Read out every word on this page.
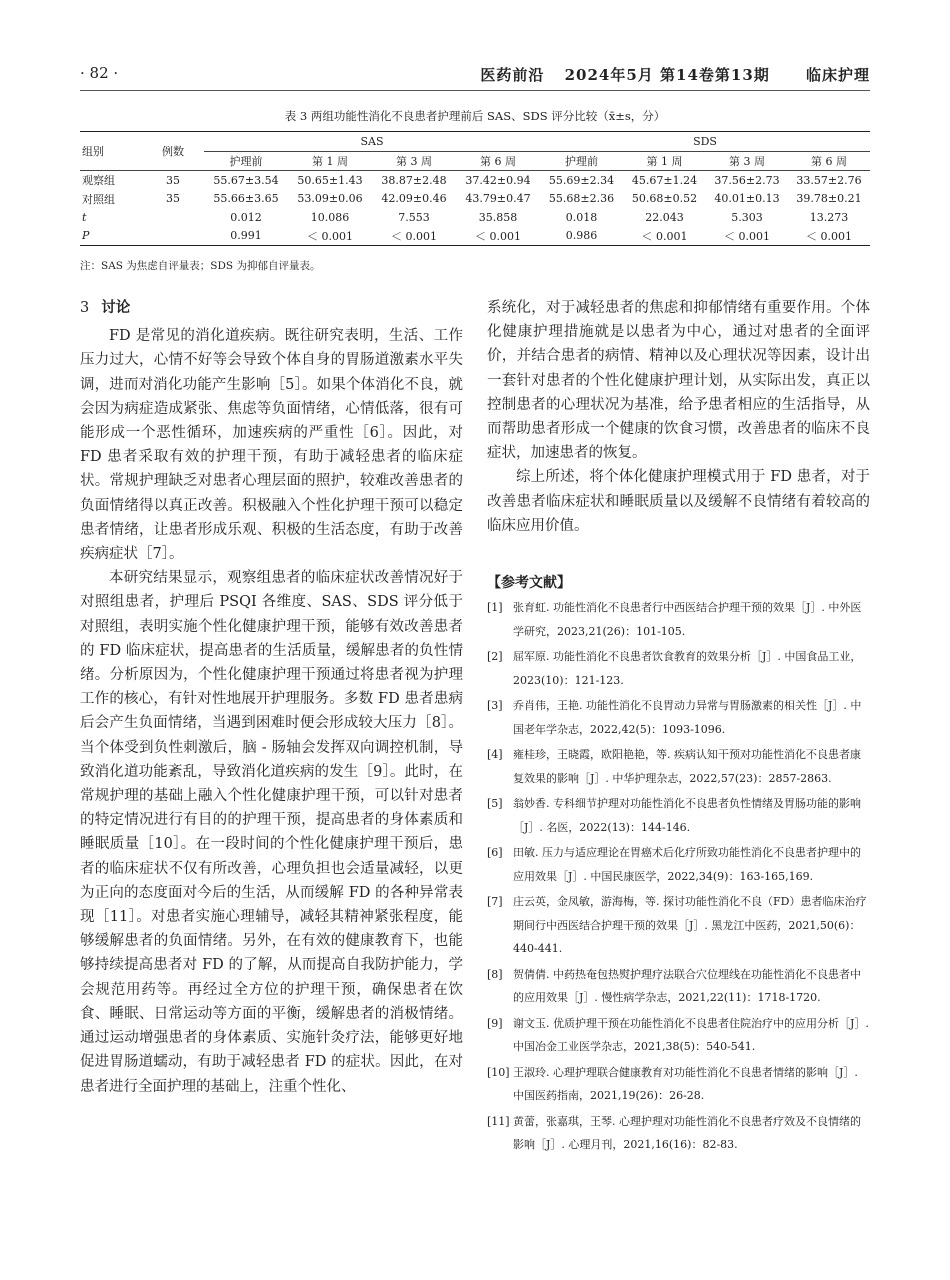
· 82 ·	医药前沿 2024年5月 第14卷第13期 临床护理
表 3 两组功能性消化不良患者护理前后 SAS、SDS 评分比较（x̄±s，分）
组别	例数	SAS				SDS			
		护理前	第 1 周	第 3 周	第 6 周	护理前	第 1 周	第 3 周	第 6 周
观察组	35	55.67±3.54	50.65±1.43	38.87±2.48	37.42±0.94	55.69±2.34	45.67±1.24	37.56±2.73	33.57±2.76
对照组	35	55.66±3.65	53.09±0.06	42.09±0.46	43.79±0.47	55.68±2.36	50.68±0.52	40.01±0.13	39.78±0.21
t		0.012	10.086	7.553	35.858	0.018	22.043	5.303	13.273
P		0.991	＜ 0.001	＜ 0.001	＜ 0.001	0.986	＜ 0.001	＜ 0.001	＜ 0.001
注：SAS 为焦虑自评量表；SDS 为抑郁自评量表。
3 讨论

FD 是常见的消化道疾病。既往研究表明，生活、工作压力过大，心情不好等会导致个体自身的胃肠道激素水平失调，进而对消化功能产生影响［5］。如果个体消化不良，就会因为病症造成紧张、焦虑等负面情绪，心情低落，很有可能形成一个恶性循环，加速疾病的严重性［6］。因此，对 FD 患者采取有效的护理干预，有助于减轻患者的临床症状。常规护理缺乏对患者心理层面的照护，较难改善患者的负面情绪得以真正改善。积极融入个性化护理干预可以稳定患者情绪，让患者形成乐观、积极的生活态度，有助于改善疾病症状［7］。

本研究结果显示，观察组患者的临床症状改善情况好于对照组患者，护理后 PSQI 各维度、SAS、SDS 评分低于对照组，表明实施个性化健康护理干预，能够有效改善患者的 FD 临床症状，提高患者的生活质量，缓解患者的负性情绪。分析原因为，个性化健康护理干预通过将患者视为护理工作的核心，有针对性地展开护理服务。多数 FD 患者患病后会产生负面情绪，当遇到困难时便会形成较大压力［8］。当个体受到负性刺激后，脑 - 肠轴会发挥双向调控机制，导致消化道功能紊乱，导致消化道疾病的发生［9］。此时，在常规护理的基础上融入个性化健康护理干预，可以针对患者的特定情况进行有目的的护理干预，提高患者的身体素质和睡眠质量［10］。在一段时间的个性化健康护理干预后，患者的临床症状不仅有所改善，心理负担也会适量减轻，以更为正向的态度面对今后的生活，从而缓解 FD 的各种异常表现［11］。对患者实施心理辅导，减轻其精神紧张程度，能够缓解患者的负面情绪。另外，在有效的健康教育下，也能够持续提高患者对 FD 的了解，从而提高自我防护能力，学会规范用药等。再经过全方位的护理干预，确保患者在饮食、睡眠、日常运动等方面的平衡，缓解患者的消极情绪。通过运动增强患者的身体素质、实施针灸疗法，能够更好地促进胃肠道蠕动，有助于减轻患者 FD 的症状。因此，在对患者进行全面护理的基础上，注重个性化、

系统化，对于减轻患者的焦虑和抑郁情绪有重要作用。个体化健康护理措施就是以患者为中心，通过对患者的全面评价，并结合患者的病情、精神以及心理状况等因素，设计出一套针对患者的个性化健康护理计划，从实际出发，真正以控制患者的心理状况为基准，给予患者相应的生活指导，从而帮助患者形成一个健康的饮食习惯，改善患者的临床不良症状，加速患者的恢复。

综上所述，将个体化健康护理模式用于 FD 患者，对于改善患者临床症状和睡眠质量以及缓解不良情绪有着较高的临床应用价值。

【参考文献】
[1] 张育虹. 功能性消化不良患者行中西医结合护理干预的效果［J］. 中外医学研究，2023,21(26)：101-105.
[2] 屈军原. 功能性消化不良患者饮食教育的效果分析［J］. 中国食品工业，2023(10)：121-123.
[3] 乔肖伟，王艳. 功能性消化不良胃动力异常与胃肠激素的相关性［J］. 中国老年学杂志，2022,42(5)：1093-1096.
[4] 雍桂珍，王晓霞，欧阳艳艳，等. 疾病认知干预对功能性消化不良患者康复效果的影响［J］. 中华护理杂志，2022,57(23)：2857-2863.
[5] 翁妙香. 专科细节护理对功能性消化不良患者负性情绪及胃肠功能的影响［J］. 名医，2022(13)：144-146.
[6] 田敏. 压力与适应理论在胃癌术后化疗所致功能性消化不良患者护理中的应用效果［J］. 中国民康医学，2022,34(9)：163-165,169.
[7] 庄云英，金凤敏，游海梅，等. 探讨功能性消化不良（FD）患者临床治疗期间行中西医结合护理干预的效果［J］. 黑龙江中医药，2021,50(6)：440-441.
[8] 贺倩倩. 中药热奄包热熨护理疗法联合穴位埋线在功能性消化不良患者中的应用效果［J］. 慢性病学杂志，2021,22(11)：1718-1720.
[9] 谢文玉. 优质护理干预在功能性消化不良患者住院治疗中的应用分析［J］. 中国冶金工业医学杂志，2021,38(5)：540-541.
[10] 王淑玲. 心理护理联合健康教育对功能性消化不良患者情绪的影响［J］. 中国医药指南，2021,19(26)：26-28.
[11] 黄蕾，张嘉琪，王琴. 心理护理对功能性消化不良患者疗效及不良情绪的影响［J］. 心理月刊，2021,16(16)：82-83.
